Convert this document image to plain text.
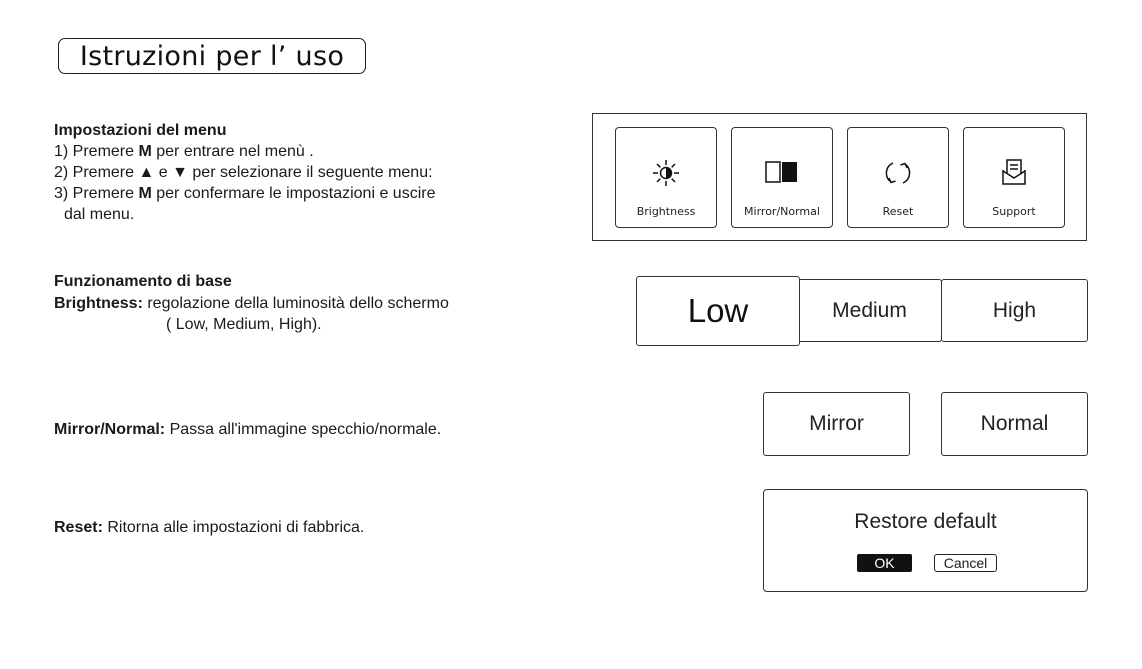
Istruzioni per l’ uso
Impostazioni del menu
1) Premere M per entrare nel menù .
2) Premere ▲ e ▼ per selezionare il seguente menu:
3) Premere M per confermare le impostazioni e uscire
dal menu.
Funzionamento di base
Brightness: regolazione della luminosità dello schermo
( Low, Medium, High).
Mirror/Normal: Passa all'immagine specchio/normale.
Reset: Ritorna alle impostazioni di fabbrica.
Brightness	Mirror/Normal	Reset	Support
Medium	High
Low
Mirror	Normal
Restore default
OK	Cancel
